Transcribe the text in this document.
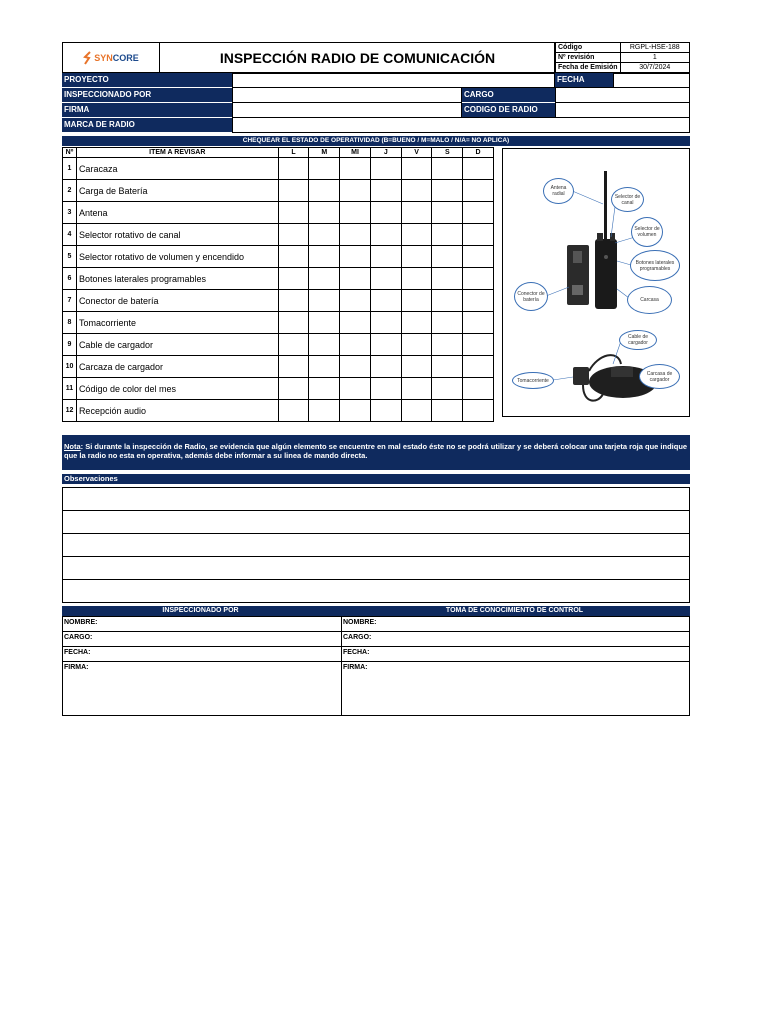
SYNCORE	INSPECCIÓN RADIO DE COMUNICACIÓN
Código	RGPL-HSE-188
Nº revisión	1
Fecha de Emisión	30/7/2024
PROYECTO	FECHA
INSPECCIONADO POR	CARGO
FIRMA	CODIGO DE RADIO
MARCA DE RADIO
CHEQUEAR EL ESTADO DE OPERATIVIDAD (B=BUENO / M=MALO / N/A= NO APLICA)
Nº	ITEM A REVISAR	L	M	MI	J	V	S	D
1	Caracaza							
2	Carga de Batería							
3	Antena							
4	Selector rotativo de canal							
5	Selector rotativo de volumen y encendido							
6	Botones laterales programables							
7	Conector de batería							
8	Tomacorriente							
9	Cable de cargador							
10	Carcaza de cargador							
11	Código de color del mes							
12	Recepción audio							
Antena radial	Selector de canal
Selector de volumen
Botones laterales programables
Conector de batería	Carcasa
Cable de cargador
Tomacorriente
Carcasa de cargador
Nota: Si durante la inspección de Radio, se evidencia que algún elemento se encuentre en mal estado éste no se podrá utilizar y se deberá colocar una tarjeta roja que indique que la radio no esta en operativa, además debe informar a su linea de mando directa.
Observaciones
INSPECCIONADO POR	TOMA DE CONOCIMIENTO DE CONTROL
NOMBRE:	NOMBRE:
CARGO:	CARGO:
FECHA:	FECHA:
FIRMA:	FIRMA:
